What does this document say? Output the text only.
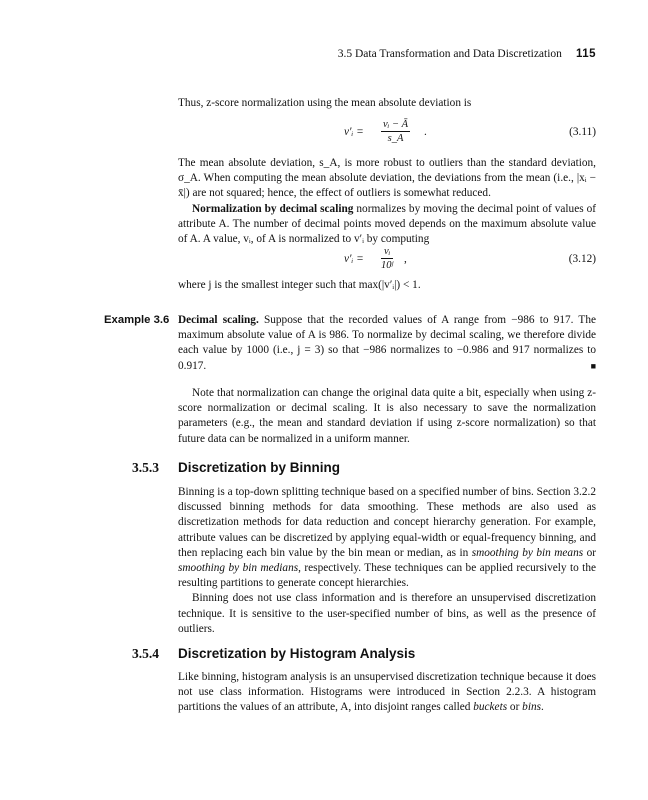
3.5 Data Transformation and Data Discretization 115

Thus, z-score normalization using the mean absolute deviation is

v′ᵢ = $\frac{\text{vᵢ − Ā}}{s\_A}$ .	(3.11)

The mean absolute deviation, s_A, is more robust to outliers than the standard deviation, σ_A. When computing the mean absolute deviation, the deviations from the mean (i.e., |xᵢ − x̄|) are not squared; hence, the effect of outliers is somewhat reduced.

Normalization by decimal scaling normalizes by moving the decimal point of values of attribute A. The number of decimal points moved depends on the maximum absolute value of A. A value, vᵢ, of A is normalized to v′ᵢ by computing

v′ᵢ = $\frac{\text{vᵢ}}{\text{10ʲ}}$ ,	(3.12)

where j is the smallest integer such that max(|v′ᵢ|) < 1.

Example 3.6 Decimal scaling. Suppose that the recorded values of A range from −986 to 917. The maximum absolute value of A is 986. To normalize by decimal scaling, we therefore divide each value by 1000 (i.e., j = 3) so that −986 normalizes to −0.986 and 917 normalizes to 0.917.	■

Note that normalization can change the original data quite a bit, especially when using z-score normalization or decimal scaling. It is also necessary to save the normalization parameters (e.g., the mean and standard deviation if using z-score normalization) so that future data can be normalized in a uniform manner.

3.5.3 Discretization by Binning

Binning is a top-down splitting technique based on a specified number of bins. Section 3.2.2 discussed binning methods for data smoothing. These methods are also used as discretization methods for data reduction and concept hierarchy generation. For example, attribute values can be discretized by applying equal-width or equal-frequency binning, and then replacing each bin value by the bin mean or median, as in smoothing by bin means or smoothing by bin medians, respectively. These techniques can be applied recursively to the resulting partitions to generate concept hierarchies.

Binning does not use class information and is therefore an unsupervised discretization technique. It is sensitive to the user-specified number of bins, as well as the presence of outliers.

3.5.4 Discretization by Histogram Analysis

Like binning, histogram analysis is an unsupervised discretization technique because it does not use class information. Histograms were introduced in Section 2.2.3. A histogram partitions the values of an attribute, A, into disjoint ranges called buckets or bins.
